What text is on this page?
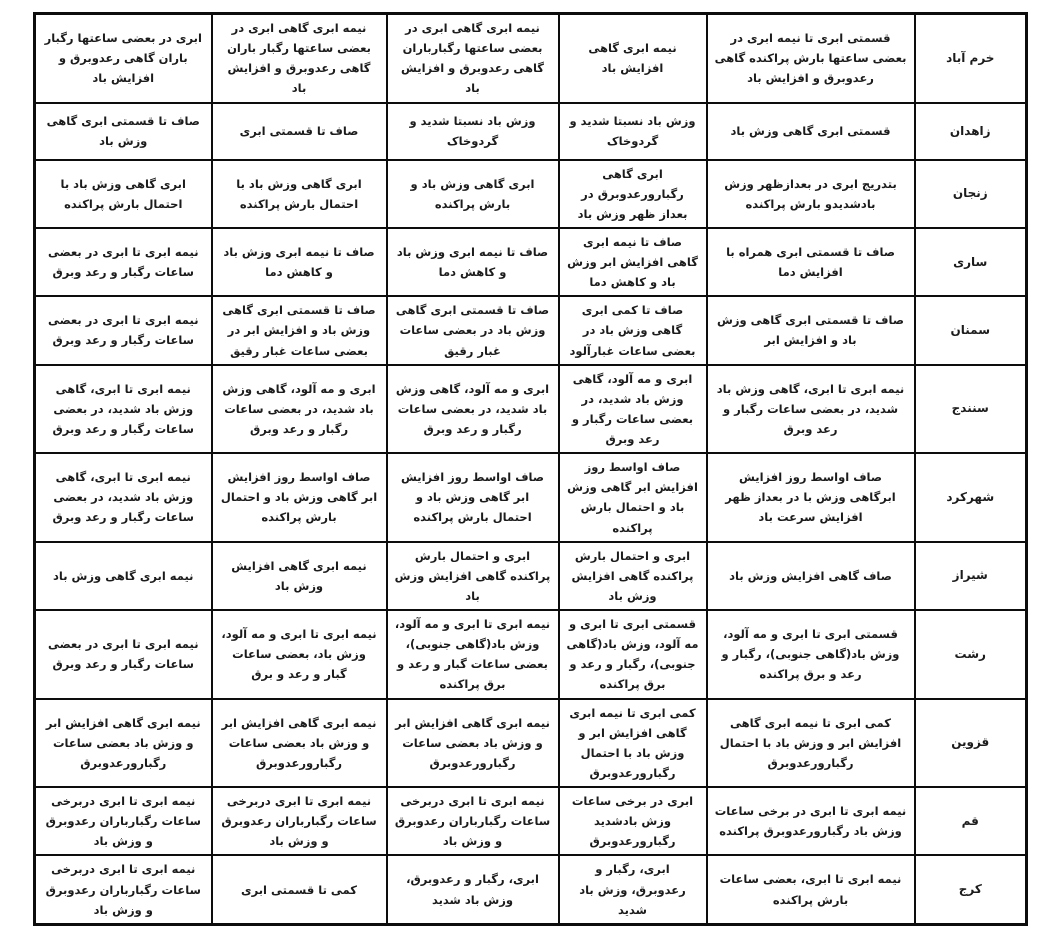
خرم آباد	قسمتی ابری تا نیمه ابری در بعضی ساعتها بارش پراکنده گاهی رعدوبرق و افزایش باد	نیمه ابری گاهی افزایش باد	نیمه ابری گاهی ابری در بعضی ساعتها رگبارباران گاهی رعدوبرق و افزایش باد	نیمه ابری گاهی ابری در بعضی ساعتها رگبار باران گاهی رعدوبرق و افزایش باد	ابری در بعضی ساعتها رگبار باران گاهی رعدوبرق و افزایش باد
زاهدان	قسمتی ابری گاهی وزش باد	وزش باد نسبتا شدید و گردوخاک	وزش باد نسبتا شدید و گردوخاک	صاف تا قسمتی ابری	صاف تا قسمتی ابری گاهی وزش باد
زنجان	بتدریج ابری در بعدازظهر وزش بادشدیدو بارش پراکنده	ابری گاهی رگبارورعدوبرق در بعداز ظهر وزش باد	ابری گاهی وزش باد و بارش پراکنده	ابری گاهی وزش باد با احتمال بارش پراکنده	ابری گاهی وزش باد با احتمال بارش پراکنده
ساری	صاف تا قسمتی ابری همراه با افزایش دما	صاف تا نیمه ابری گاهی افزایش ابر وزش باد و کاهش دما	صاف تا نیمه ابری وزش باد و کاهش دما	صاف تا نیمه ابری وزش باد و کاهش دما	نیمه ابری تا ابری در بعضی ساعات رگبار و رعد وبرق
سمنان	صاف تا قسمتی ابری گاهی وزش باد و افزایش ابر	صاف تا کمی ابری گاهی وزش باد در بعضی ساعات غبارآلود	صاف تا قسمتی ابری گاهی وزش باد در بعضی ساعات غبار رقیق	صاف تا قسمتی ابری گاهی وزش باد و افزایش ابر در بعضی ساعات غبار رقیق	نیمه ابری تا ابری در بعضی ساعات رگبار و رعد وبرق
سنندج	نیمه ابری تا ابری، گاهی وزش باد شدید، در بعضی ساعات رگبار و رعد وبرق	ابری و مه آلود، گاهی وزش باد شدید، در بعضی ساعات رگبار و رعد وبرق	ابری و مه آلود، گاهی وزش باد شدید، در بعضی ساعات رگبار و رعد وبرق	ابری و مه آلود، گاهی وزش باد شدید، در بعضی ساعات رگبار و رعد وبرق	نیمه ابری تا ابری، گاهی وزش باد شدید، در بعضی ساعات رگبار و رعد وبرق
شهرکرد	صاف اواسط روز افزایش ابرگاهی وزش با در بعداز ظهر افزایش سرعت باد	صاف اواسط روز افزایش ابر گاهی وزش باد و احتمال بارش پراکنده	صاف اواسط روز افزایش ابر گاهی وزش باد و احتمال بارش پراکنده	صاف اواسط روز افزایش ابر گاهی وزش باد و احتمال بارش پراکنده	نیمه ابری تا ابری، گاهی وزش باد شدید، در بعضی ساعات رگبار و رعد وبرق
شیراز	صاف گاهی افزایش وزش باد	ابری و احتمال بارش پراکنده گاهی افزایش وزش باد	ابری و احتمال بارش پراکنده گاهی افزایش وزش باد	نیمه ابری گاهی افزایش وزش باد	نیمه ابری گاهی وزش باد
رشت	قسمتی ابری تا ابری و مه آلود، وزش باد(گاهی جنوبی)، رگبار و رعد و برق پراکنده	قسمتی ابری تا ابری و مه آلود، وزش باد(گاهی جنوبی)، رگبار و رعد و برق پراکنده	نیمه ابری تا ابری و مه آلود، وزش باد(گاهی جنوبی)، بعضی ساعات گبار و رعد و برق پراکنده	نیمه ابری تا ابری و مه آلود، وزش باد، بعضی ساعات گبار و رعد و برق	نیمه ابری تا ابری در بعضی ساعات رگبار و رعد وبرق
قزوین	کمی ابری تا نیمه ابری گاهی افزایش ابر و وزش باد با احتمال رگبارورعدوبرق	کمی ابری تا نیمه ابری گاهی افزایش ابر و وزش باد با احتمال رگبارورعدوبرق	نیمه ابری گاهی افزایش ابر و وزش باد بعضی ساعات رگبارورعدوبرق	نیمه ابری گاهی افزایش ابر و وزش باد بعضی ساعات رگبارورعدوبرق	نیمه ابری گاهی افزایش ابر و وزش باد بعضی ساعات رگبارورعدوبرق
قم	نیمه ابری تا ابری در برخی ساعات وزش باد رگبارورعدوبرق پراکنده	ابری در برخی ساعات وزش بادشدید رگبارورعدوبرق	نیمه ابری تا ابری دربرخی ساعات رگبارباران رعدوبرق و وزش باد	نیمه ابری تا ابری دربرخی ساعات رگبارباران رعدوبرق و وزش باد	نیمه ابری تا ابری دربرخی ساعات رگبارباران رعدوبرق و وزش باد
کرج	نیمه ابری تا ابری، بعضی ساعات بارش پراکنده	ابری، رگبار و رعدوبرق، وزش باد شدید	ابری، رگبار و رعدوبرق، وزش باد شدید	کمی تا قسمتی ابری	نیمه ابری تا ابری دربرخی ساعات رگبارباران رعدوبرق و وزش باد
